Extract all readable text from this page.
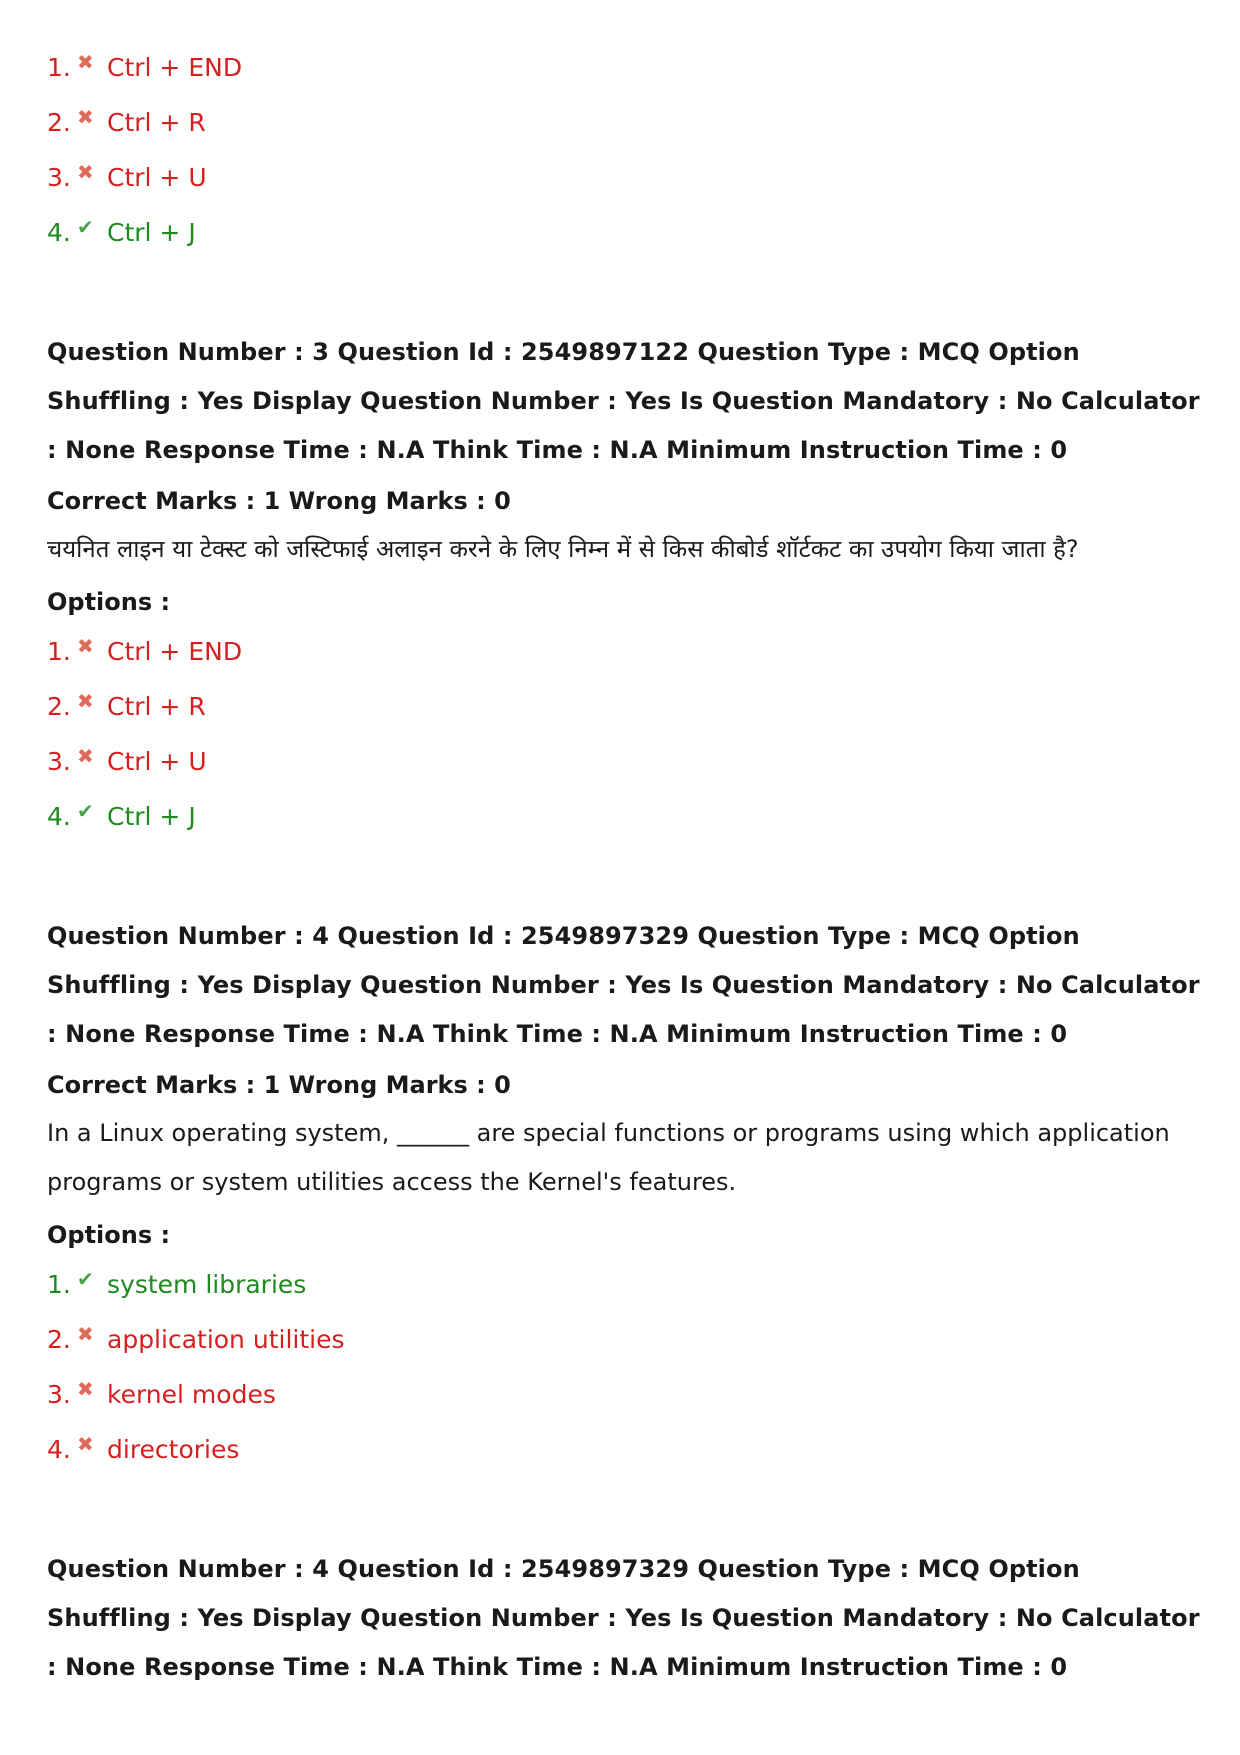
1. ✖ Ctrl + END
2. ✖ Ctrl + R
3. ✖ Ctrl + U
4. ✔ Ctrl + J
Question Number : 3 Question Id : 2549897122 Question Type : MCQ Option Shuffling : Yes Display Question Number : Yes Is Question Mandatory : No Calculator : None Response Time : N.A Think Time : N.A Minimum Instruction Time : 0
Correct Marks : 1 Wrong Marks : 0
चयनित लाइन या टेक्स्ट को जस्टिफाई अलाइन करने के लिए निम्न में से किस कीबोर्ड शॉर्टकट का उपयोग किया जाता है?
Options :
1. ✖ Ctrl + END
2. ✖ Ctrl + R
3. ✖ Ctrl + U
4. ✔ Ctrl + J
Question Number : 4 Question Id : 2549897329 Question Type : MCQ Option Shuffling : Yes Display Question Number : Yes Is Question Mandatory : No Calculator : None Response Time : N.A Think Time : N.A Minimum Instruction Time : 0
Correct Marks : 1 Wrong Marks : 0
In a Linux operating system, ______ are special functions or programs using which application programs or system utilities access the Kernel's features.
Options :
1. ✔ system libraries
2. ✖ application utilities
3. ✖ kernel modes
4. ✖ directories
Question Number : 4 Question Id : 2549897329 Question Type : MCQ Option Shuffling : Yes Display Question Number : Yes Is Question Mandatory : No Calculator : None Response Time : N.A Think Time : N.A Minimum Instruction Time : 0
